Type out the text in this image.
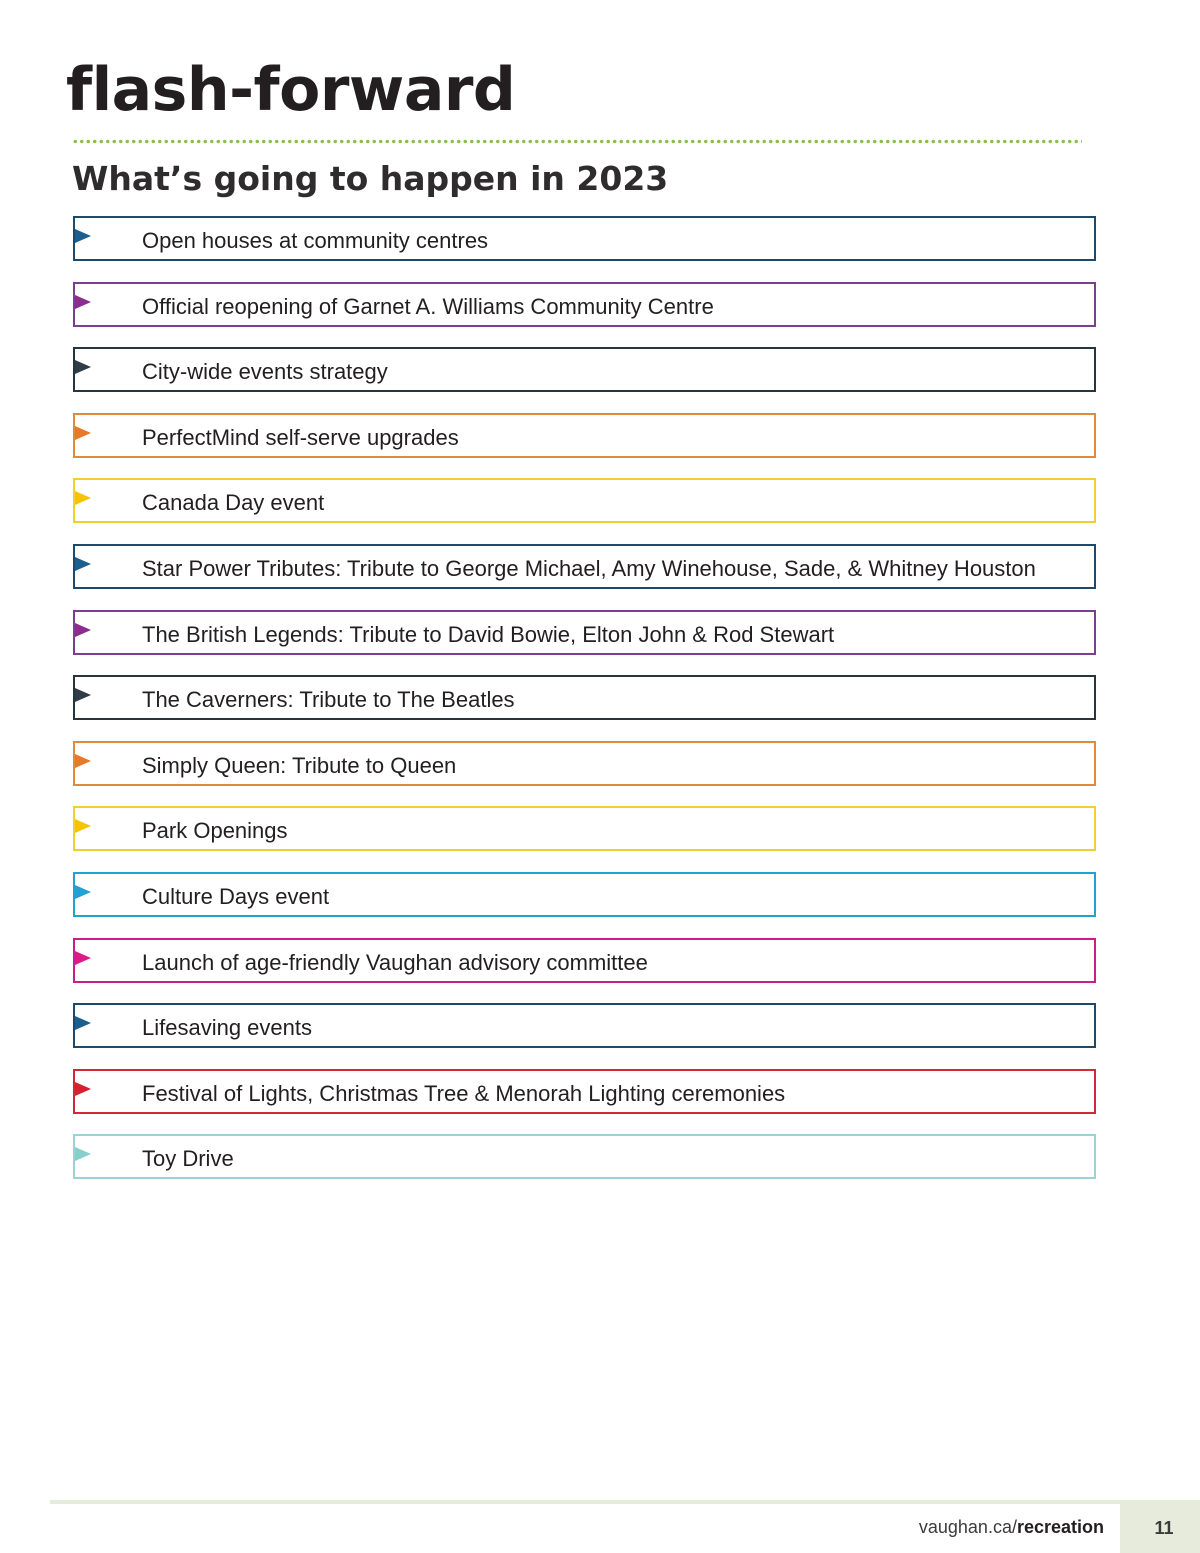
flash-forward
What’s going to happen in 2023
Open houses at community centres
Official reopening of Garnet A. Williams Community Centre
City-wide events strategy
PerfectMind self-serve upgrades
Canada Day event
Star Power Tributes: Tribute to George Michael, Amy Winehouse, Sade, & Whitney Houston
The British Legends: Tribute to David Bowie, Elton John & Rod Stewart
The Caverners: Tribute to The Beatles
Simply Queen: Tribute to Queen
Park Openings
Culture Days event
Launch of age-friendly Vaughan advisory committee
Lifesaving events
Festival of Lights, Christmas Tree & Menorah Lighting ceremonies
Toy Drive
vaughan.ca/recreation	11
